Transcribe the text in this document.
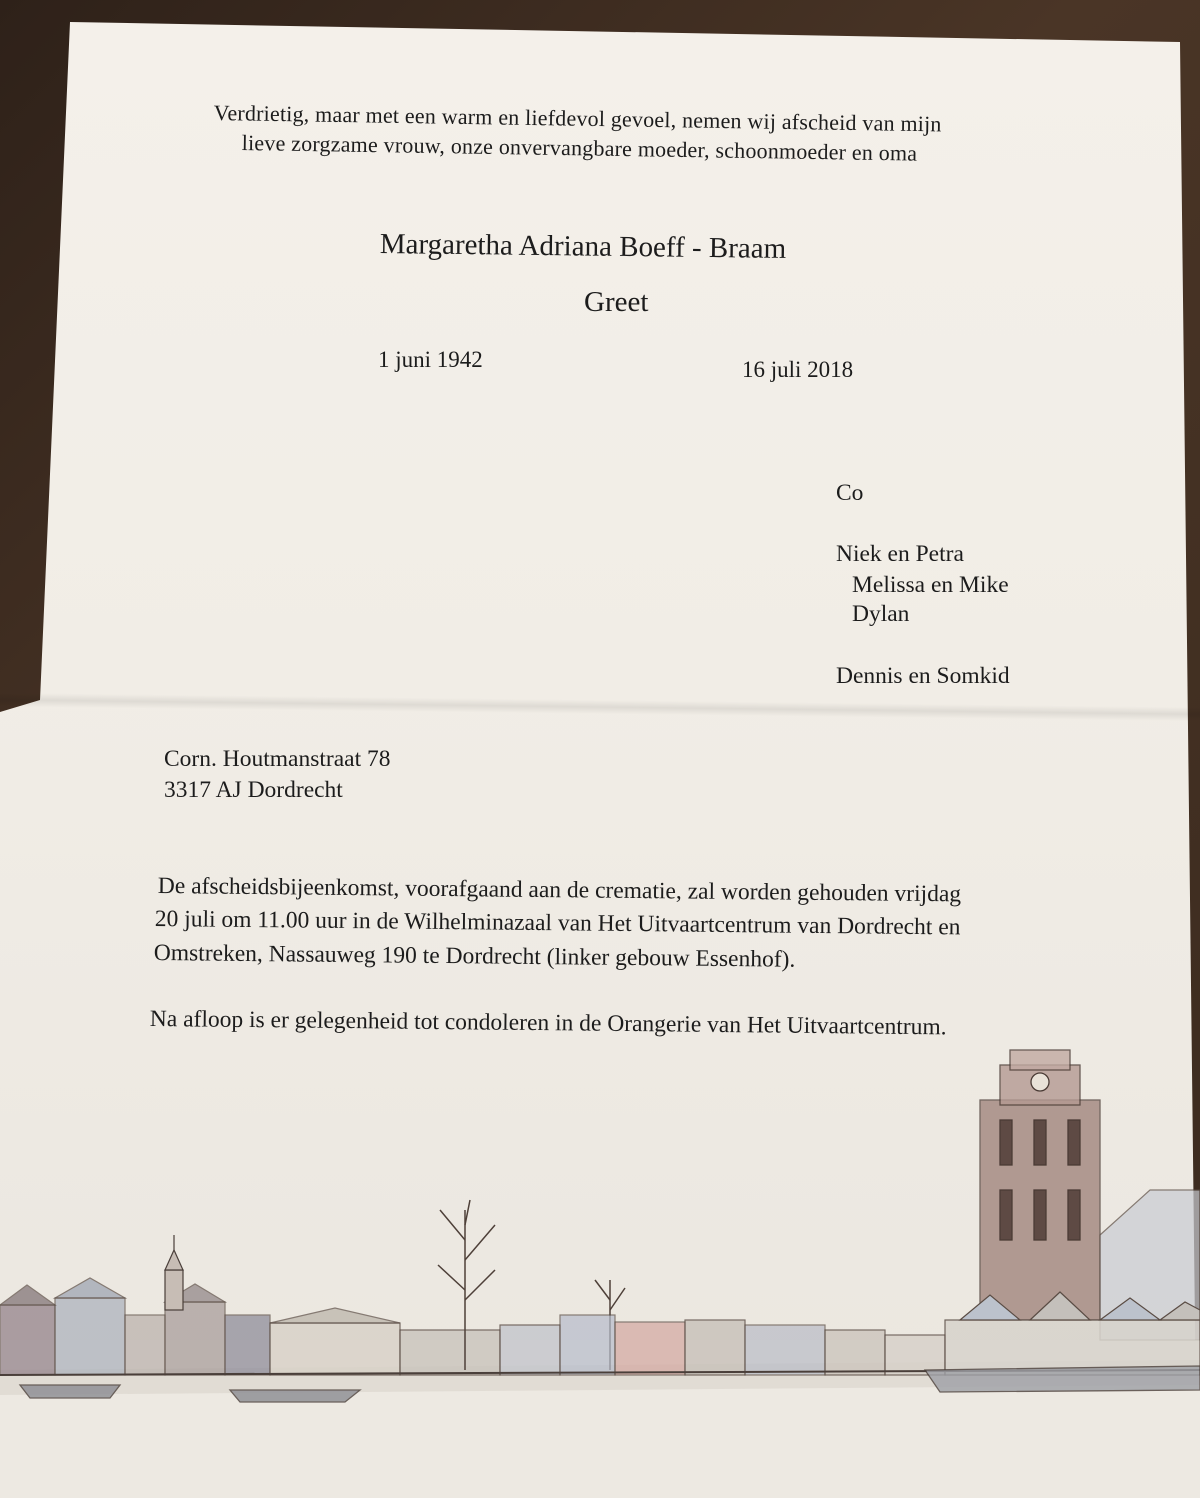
Verdrietig, maar met een warm en liefdevol gevoel, nemen wij afscheid van mijn
lieve zorgzame vrouw, onze onvervangbare moeder, schoonmoeder en oma
Margaretha Adriana Boeff - Braam
Greet
1 juni 1942	16 juli 2018
Co
Niek en Petra
Melissa en Mike
Dylan
Dennis en Somkid
Corn. Houtmanstraat 78
3317 AJ Dordrecht
De afscheidsbijeenkomst, voorafgaand aan de crematie, zal worden gehouden vrijdag
20 juli om 11.00 uur in de Wilhelminazaal van Het Uitvaartcentrum van Dordrecht en
Omstreken, Nassauweg 190 te Dordrecht (linker gebouw Essenhof).
Na afloop is er gelegenheid tot condoleren in de Orangerie van Het Uitvaartcentrum.
